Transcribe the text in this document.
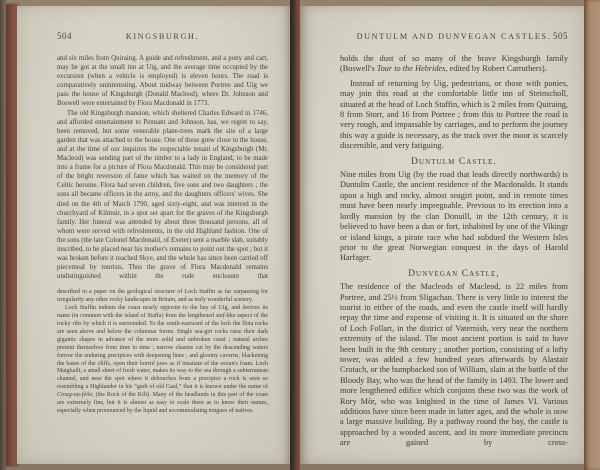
504	KINGSBURGH.

and six miles from Quiraing. A guide and refreshment, and a pony and cart, may be got at the small inn at Uig, and the average time occupied by the excursion (when a vehicle is employed) is eleven hours. The road is comparatively uninteresting. About midway between Portree and Uig we pass the house of Kingsburgh (Donald Macleod), where Dr. Johnson and Boswell were entertained by Flora Macdonald in 1773.

The old Kingsburgh mansion, which sheltered Charles Edward in 1746, and afforded entertainment to Pennant and Johnson, has, we regret to say, been removed, but some venerable plane-trees mark the site of a large garden that was attached to the house. One of these grew close to the house, and at the time of our inquiries the respectable tenant of Kingsburgh (Mr. Macleod) was sending part of the timber to a lady in England, to be made into a frame for a picture of Flora Macdonald. This may be considered part of the bright reversion of fame which has waited on the memory of the Celtic heroine. Flora had seven children, five sons and two daughters ; the sons all became officers in the army, and the daughters officers' wives. She died on the 4th of March 1790, aged sixty-eight, and was interred in the churchyard of Kilmuir, in a spot set apart for the graves of the Kingsburgh family. Her funeral was attended by about three thousand persons, all of whom were served with refreshments, in the old Highland fashion. One of the sons (the late Colonel Macdonald, of Exeter) sent a marble slab, suitably inscribed, to be placed near his mother's remains to point out the spot ; but it was broken before it reached Skye, and the whole has since been carried off piecemeal by tourists. Thus the grave of Flora Macdonald remains undistinguished within the rude enclosure that

described in a paper on the geological structure of Loch Staffin as far surpassing for irregularity any other rocky landscapes in Britain, and as truly wonderful scenery.

Loch Staffin indents the coast nearly opposite to the bay of Uig, and derives its name (in common with the island of Staffa) from the lengthened staf-like aspect of the rocky ribs by which it is surrounded. To the south-eastward of the loch the flota rocks are seen above and below the columnar forms. Single sea-girt rocks raise their dark gigantic shapes in advance of the more solid and unbroken coast ; natural arches present themselves from time to time ; narrow chasms cut by the descending waters furrow the enduring precipices with deepening lines ; and gloomy caverns, blackening the bases of the cliffs, open their horrid jaws as if insatiate of the ocean's foam. Loch Maighailt, a small sheet of fresh water, makes its way to the sea through a subterranean channel, and near the spot where it debouches from a precipice a rock is seen so resembling a Highlander in his “garb of old Gaul,” that it is known under the name of Creag-na-féile, (the Rock of the Kilt). Many of the headlands in this part of the coast are extremely fine, but it is almost as easy to scale them as to know their names, especially when pronounced by the liquid and accommodating tongues of natives.

DUNTULM AND DUNVEGAN CASTLES. 505

holds the dust of so many of the brave Kingsburgh family (Boswell's Tour to the Hebrides, edited by Robert Carruthers).

Instead of returning by Uig, pedestrians, or those with ponies, may join this road at the comfortable little inn of Steinscholl, situated at the head of Loch Staffin, which is 2 miles from Quiraing, 8 from Storr, and 16 from Portree ; from this to Portree the road is very rough, and impassable by carriages, and to perform the journey this way a guide is necessary, as the track over the moor is scarcely discernible, and very fatiguing.

Duntulm Castle.

Nine miles from Uig (by the road that leads directly northwards) is Duntulm Castle, the ancient residence of the Macdonalds. It stands upon a high and rocky, almost seagirt point, and in remote times must have been nearly impregnable. Previous to its erection into a lordly mansion by the clan Donuill, in the 12th century, it is believed to have been a dun or fort, inhabited by one of the Vikingr or island kings, a pirate race who had subdued the Western Isles prior to the great Norwegian conquest in the days of Harold Harfager.

Dunvegan Castle,

The residence of the Macleods of Macleod, is 22 miles from Portree, and 25½ from Sligachan. There is very little to interest the tourist in either of the roads, and even the castle itself will hardly repay the time and expense of visiting it. It is situated on the shore of Loch Follart, in the district of Vaternish, very near the northern extremity of the island. The most ancient portion is said to have been built in the 9th century ; another portion, consisting of a lofty tower, was added a few hundred years afterwards by Alastair Crotach, or the humpbacked son of William, slain at the battle of the Bloody Bay, who was the head of the family in 1493. The lower and more lengthened edifice which conjoins these two was the work of Rory Mòr, who was knighted in the time of James VI. Various additions have since been made in latter ages, and the whole is now a large massive building. By a pathway round the bay, the castle is approached by a wooded ascent, and its more immediate precincts are gained by cross-
